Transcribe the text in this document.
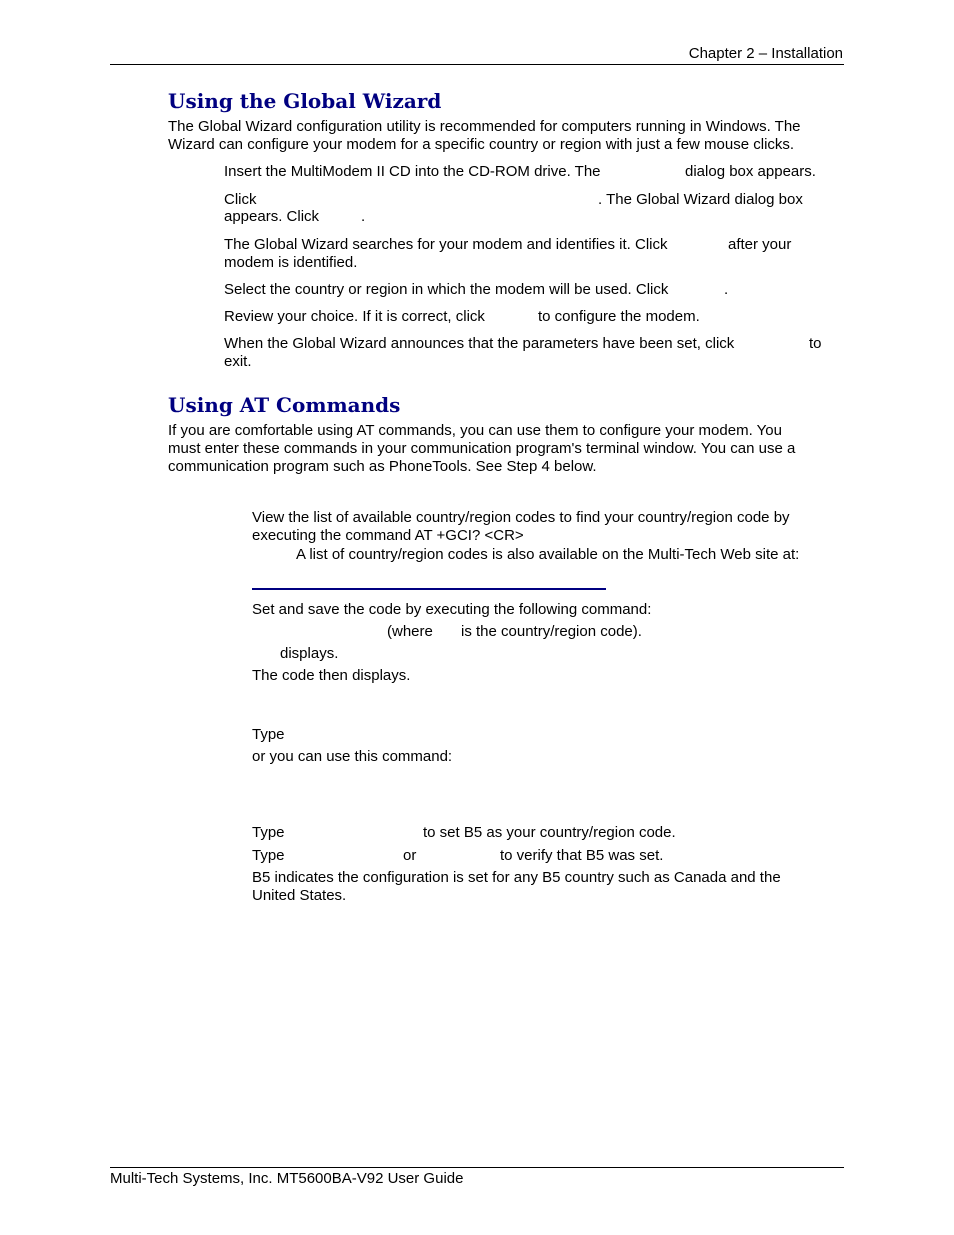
Chapter 2 – Installation
Using the Global Wizard
The Global Wizard configuration utility is recommended for computers running in Windows. The
Wizard can configure your modem for a specific country or region with just a few mouse clicks.
Insert the MultiModem II CD into the CD-ROM drive. The	dialog box appears.
Click	. The Global Wizard dialog box
appears. Click	.
The Global Wizard searches for your modem and identifies it. Click	after your
modem is identified.
Select the country or region in which the modem will be used. Click	.
Review your choice. If it is correct, click	to configure the modem.
When the Global Wizard announces that the parameters have been set, click	to
exit.
Using AT Commands
If you are comfortable using AT commands, you can use them to configure your modem. You
must enter these commands in your communication program's terminal window. You can use a
communication program such as PhoneTools. See Step 4 below.
View the list of available country/region codes to find your country/region code by
executing the command AT +GCI? <CR>
A list of country/region codes is also available on the Multi-Tech Web site at:
Set and save the code by executing the following command:
(where is the country/region code).
displays.
The code then displays.
Type
or you can use this command:
Type	to set B5 as your country/region code.
Type	or	to verify that B5 was set.
B5 indicates the configuration is set for any B5 country such as Canada and the
United States.
Multi-Tech Systems, Inc. MT5600BA-V92 User Guide
